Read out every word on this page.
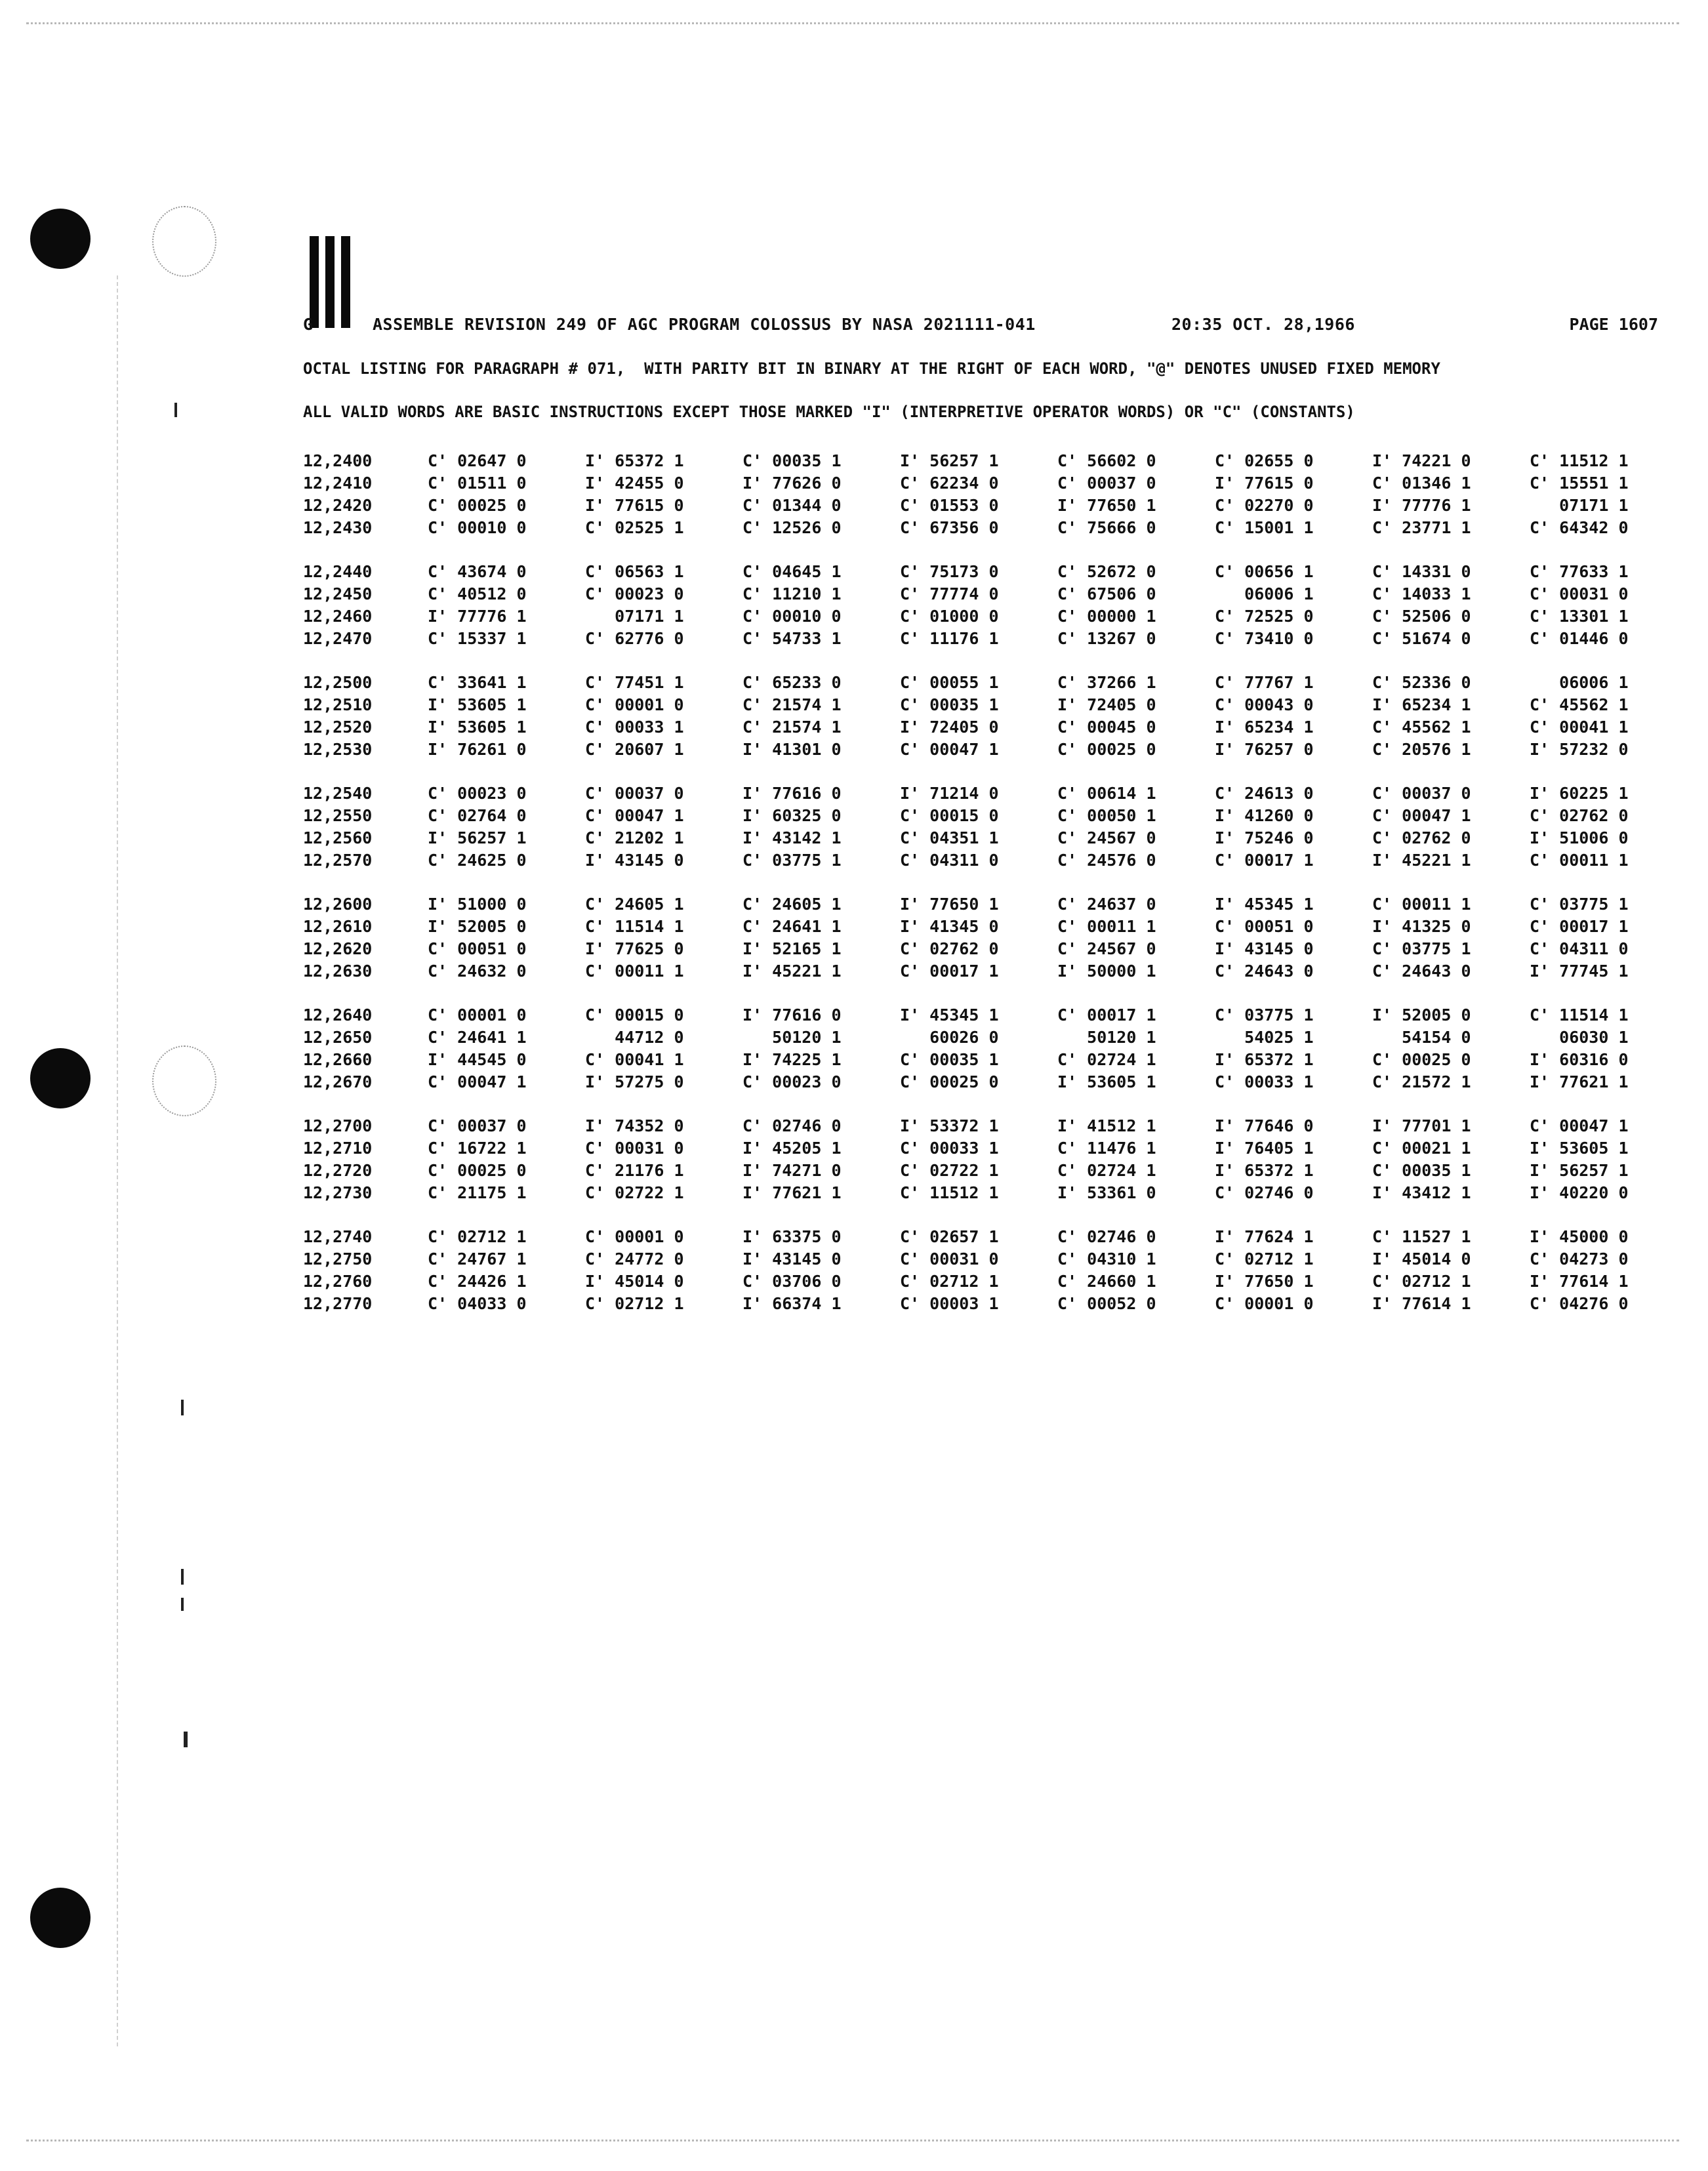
G	ASSEMBLE REVISION 249 OF AGC PROGRAM COLOSSUS BY NASA 2021111-041	20:35 OCT. 28,1966	PAGE 1607
OCTAL LISTING FOR PARAGRAPH # 071,  WITH PARITY BIT IN BINARY AT THE RIGHT OF EACH WORD, "@" DENOTES UNUSED FIXED MEMORY
ALL VALID WORDS ARE BASIC INSTRUCTIONS EXCEPT THOSE MARKED "I" (INTERPRETIVE OPERATOR WORDS) OR "C" (CONSTANTS)
12,2400	C' 02647 0	I' 65372 1	C' 00035 1	I' 56257 1	C' 56602 0	C' 02655 0	I' 74221 0	C' 11512 1
12,2410	C' 01511 0	I' 42455 0	I' 77626 0	C' 62234 0	C' 00037 0	I' 77615 0	C' 01346 1	C' 15551 1
12,2420	C' 00025 0	I' 77615 0	C' 01344 0	C' 01553 0	I' 77650 1	C' 02270 0	I' 77776 1	07171 1
12,2430	C' 00010 0	C' 02525 1	C' 12526 0	C' 67356 0	C' 75666 0	C' 15001 1	C' 23771 1	C' 64342 0
12,2440	C' 43674 0	C' 06563 1	C' 04645 1	C' 75173 0	C' 52672 0	C' 00656 1	C' 14331 0	C' 77633 1
12,2450	C' 40512 0	C' 00023 0	C' 11210 1	C' 77774 0	C' 67506 0	06006 1	C' 14033 1	C' 00031 0
12,2460	I' 77776 1	07171 1	C' 00010 0	C' 01000 0	C' 00000 1	C' 72525 0	C' 52506 0	C' 13301 1
12,2470	C' 15337 1	C' 62776 0	C' 54733 1	C' 11176 1	C' 13267 0	C' 73410 0	C' 51674 0	C' 01446 0
12,2500	C' 33641 1	C' 77451 1	C' 65233 0	C' 00055 1	C' 37266 1	C' 77767 1	C' 52336 0	06006 1
12,2510	I' 53605 1	C' 00001 0	C' 21574 1	C' 00035 1	I' 72405 0	C' 00043 0	I' 65234 1	C' 45562 1
12,2520	I' 53605 1	C' 00033 1	C' 21574 1	I' 72405 0	C' 00045 0	I' 65234 1	C' 45562 1	C' 00041 1
12,2530	I' 76261 0	C' 20607 1	I' 41301 0	C' 00047 1	C' 00025 0	I' 76257 0	C' 20576 1	I' 57232 0
12,2540	C' 00023 0	C' 00037 0	I' 77616 0	I' 71214 0	C' 00614 1	C' 24613 0	C' 00037 0	I' 60225 1
12,2550	C' 02764 0	C' 00047 1	I' 60325 0	C' 00015 0	C' 00050 1	I' 41260 0	C' 00047 1	C' 02762 0
12,2560	I' 56257 1	C' 21202 1	I' 43142 1	C' 04351 1	C' 24567 0	I' 75246 0	C' 02762 0	I' 51006 0
12,2570	C' 24625 0	I' 43145 0	C' 03775 1	C' 04311 0	C' 24576 0	C' 00017 1	I' 45221 1	C' 00011 1
12,2600	I' 51000 0	C' 24605 1	C' 24605 1	I' 77650 1	C' 24637 0	I' 45345 1	C' 00011 1	C' 03775 1
12,2610	I' 52005 0	C' 11514 1	C' 24641 1	I' 41345 0	C' 00011 1	C' 00051 0	I' 41325 0	C' 00017 1
12,2620	C' 00051 0	I' 77625 0	I' 52165 1	C' 02762 0	C' 24567 0	I' 43145 0	C' 03775 1	C' 04311 0
12,2630	C' 24632 0	C' 00011 1	I' 45221 1	C' 00017 1	I' 50000 1	C' 24643 0	C' 24643 0	I' 77745 1
12,2640	C' 00001 0	C' 00015 0	I' 77616 0	I' 45345 1	C' 00017 1	C' 03775 1	I' 52005 0	C' 11514 1
12,2650	C' 24641 1	44712 0	50120 1	60026 0	50120 1	54025 1	54154 0	06030 1
12,2660	I' 44545 0	C' 00041 1	I' 74225 1	C' 00035 1	C' 02724 1	I' 65372 1	C' 00025 0	I' 60316 0
12,2670	C' 00047 1	I' 57275 0	C' 00023 0	C' 00025 0	I' 53605 1	C' 00033 1	C' 21572 1	I' 77621 1
12,2700	C' 00037 0	I' 74352 0	C' 02746 0	I' 53372 1	I' 41512 1	I' 77646 0	I' 77701 1	C' 00047 1
12,2710	C' 16722 1	C' 00031 0	I' 45205 1	C' 00033 1	C' 11476 1	I' 76405 1	C' 00021 1	I' 53605 1
12,2720	C' 00025 0	C' 21176 1	I' 74271 0	C' 02722 1	C' 02724 1	I' 65372 1	C' 00035 1	I' 56257 1
12,2730	C' 21175 1	C' 02722 1	I' 77621 1	C' 11512 1	I' 53361 0	C' 02746 0	I' 43412 1	I' 40220 0
12,2740	C' 02712 1	C' 00001 0	I' 63375 0	C' 02657 1	C' 02746 0	I' 77624 1	C' 11527 1	I' 45000 0
12,2750	C' 24767 1	C' 24772 0	I' 43145 0	C' 00031 0	C' 04310 1	C' 02712 1	I' 45014 0	C' 04273 0
12,2760	C' 24426 1	I' 45014 0	C' 03706 0	C' 02712 1	C' 24660 1	I' 77650 1	C' 02712 1	I' 77614 1
12,2770	C' 04033 0	C' 02712 1	I' 66374 1	C' 00003 1	C' 00052 0	C' 00001 0	I' 77614 1	C' 04276 0
